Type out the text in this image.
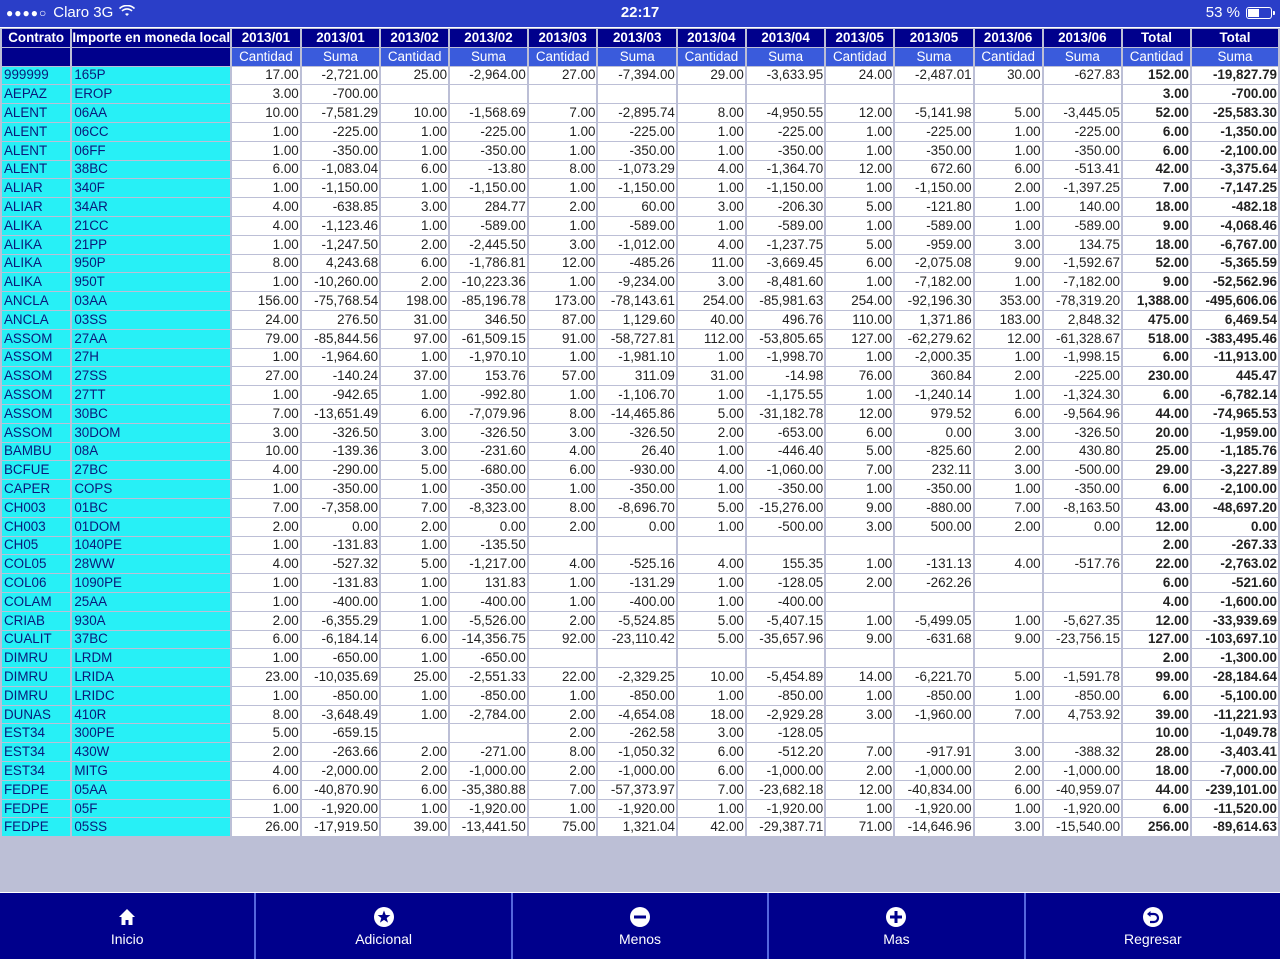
●●●●○ Claro 3G	22:17	53 %
Contrato	Importe en moneda local	2013/01	2013/01	2013/02	2013/02	2013/03	2013/03	2013/04	2013/04	2013/05	2013/05	2013/06	2013/06	Total	Total
		Cantidad	Suma	Cantidad	Suma	Cantidad	Suma	Cantidad	Suma	Cantidad	Suma	Cantidad	Suma	Cantidad	Suma
999999	165P	17.00	-2,721.00	25.00	-2,964.00	27.00	-7,394.00	29.00	-3,633.95	24.00	-2,487.01	30.00	-627.83	152.00	-19,827.79
AEPAZ	EROP	3.00	-700.00											3.00	-700.00
ALENT	06AA	10.00	-7,581.29	10.00	-1,568.69	7.00	-2,895.74	8.00	-4,950.55	12.00	-5,141.98	5.00	-3,445.05	52.00	-25,583.30
ALENT	06CC	1.00	-225.00	1.00	-225.00	1.00	-225.00	1.00	-225.00	1.00	-225.00	1.00	-225.00	6.00	-1,350.00
ALENT	06FF	1.00	-350.00	1.00	-350.00	1.00	-350.00	1.00	-350.00	1.00	-350.00	1.00	-350.00	6.00	-2,100.00
ALENT	38BC	6.00	-1,083.04	6.00	-13.80	8.00	-1,073.29	4.00	-1,364.70	12.00	672.60	6.00	-513.41	42.00	-3,375.64
ALIAR	340F	1.00	-1,150.00	1.00	-1,150.00	1.00	-1,150.00	1.00	-1,150.00	1.00	-1,150.00	2.00	-1,397.25	7.00	-7,147.25
ALIAR	34AR	4.00	-638.85	3.00	284.77	2.00	60.00	3.00	-206.30	5.00	-121.80	1.00	140.00	18.00	-482.18
ALIKA	21CC	4.00	-1,123.46	1.00	-589.00	1.00	-589.00	1.00	-589.00	1.00	-589.00	1.00	-589.00	9.00	-4,068.46
ALIKA	21PP	1.00	-1,247.50	2.00	-2,445.50	3.00	-1,012.00	4.00	-1,237.75	5.00	-959.00	3.00	134.75	18.00	-6,767.00
ALIKA	950P	8.00	4,243.68	6.00	-1,786.81	12.00	-485.26	11.00	-3,669.45	6.00	-2,075.08	9.00	-1,592.67	52.00	-5,365.59
ALIKA	950T	1.00	-10,260.00	2.00	-10,223.36	1.00	-9,234.00	3.00	-8,481.60	1.00	-7,182.00	1.00	-7,182.00	9.00	-52,562.96
ANCLA	03AA	156.00	-75,768.54	198.00	-85,196.78	173.00	-78,143.61	254.00	-85,981.63	254.00	-92,196.30	353.00	-78,319.20	1,388.00	-495,606.06
ANCLA	03SS	24.00	276.50	31.00	346.50	87.00	1,129.60	40.00	496.76	110.00	1,371.86	183.00	2,848.32	475.00	6,469.54
ASSOM	27AA	79.00	-85,844.56	97.00	-61,509.15	91.00	-58,727.81	112.00	-53,805.65	127.00	-62,279.62	12.00	-61,328.67	518.00	-383,495.46
ASSOM	27H	1.00	-1,964.60	1.00	-1,970.10	1.00	-1,981.10	1.00	-1,998.70	1.00	-2,000.35	1.00	-1,998.15	6.00	-11,913.00
ASSOM	27SS	27.00	-140.24	37.00	153.76	57.00	311.09	31.00	-14.98	76.00	360.84	2.00	-225.00	230.00	445.47
ASSOM	27TT	1.00	-942.65	1.00	-992.80	1.00	-1,106.70	1.00	-1,175.55	1.00	-1,240.14	1.00	-1,324.30	6.00	-6,782.14
ASSOM	30BC	7.00	-13,651.49	6.00	-7,079.96	8.00	-14,465.86	5.00	-31,182.78	12.00	979.52	6.00	-9,564.96	44.00	-74,965.53
ASSOM	30DOM	3.00	-326.50	3.00	-326.50	3.00	-326.50	2.00	-653.00	6.00	0.00	3.00	-326.50	20.00	-1,959.00
BAMBU	08A	10.00	-139.36	3.00	-231.60	4.00	26.40	1.00	-446.40	5.00	-825.60	2.00	430.80	25.00	-1,185.76
BCFUE	27BC	4.00	-290.00	5.00	-680.00	6.00	-930.00	4.00	-1,060.00	7.00	232.11	3.00	-500.00	29.00	-3,227.89
CAPER	COPS	1.00	-350.00	1.00	-350.00	1.00	-350.00	1.00	-350.00	1.00	-350.00	1.00	-350.00	6.00	-2,100.00
CH003	01BC	7.00	-7,358.00	7.00	-8,323.00	8.00	-8,696.70	5.00	-15,276.00	9.00	-880.00	7.00	-8,163.50	43.00	-48,697.20
CH003	01DOM	2.00	0.00	2.00	0.00	2.00	0.00	1.00	-500.00	3.00	500.00	2.00	0.00	12.00	0.00
CH05	1040PE	1.00	-131.83	1.00	-135.50									2.00	-267.33
COL05	28WW	4.00	-527.32	5.00	-1,217.00	4.00	-525.16	4.00	155.35	1.00	-131.13	4.00	-517.76	22.00	-2,763.02
COL06	1090PE	1.00	-131.83	1.00	131.83	1.00	-131.29	1.00	-128.05	2.00	-262.26			6.00	-521.60
COLAM	25AA	1.00	-400.00	1.00	-400.00	1.00	-400.00	1.00	-400.00					4.00	-1,600.00
CRIAB	930A	2.00	-6,355.29	1.00	-5,526.00	2.00	-5,524.85	5.00	-5,407.15	1.00	-5,499.05	1.00	-5,627.35	12.00	-33,939.69
CUALIT	37BC	6.00	-6,184.14	6.00	-14,356.75	92.00	-23,110.42	5.00	-35,657.96	9.00	-631.68	9.00	-23,756.15	127.00	-103,697.10
DIMRU	LRDM	1.00	-650.00	1.00	-650.00									2.00	-1,300.00
DIMRU	LRIDA	23.00	-10,035.69	25.00	-2,551.33	22.00	-2,329.25	10.00	-5,454.89	14.00	-6,221.70	5.00	-1,591.78	99.00	-28,184.64
DIMRU	LRIDC	1.00	-850.00	1.00	-850.00	1.00	-850.00	1.00	-850.00	1.00	-850.00	1.00	-850.00	6.00	-5,100.00
DUNAS	410R	8.00	-3,648.49	1.00	-2,784.00	2.00	-4,654.08	18.00	-2,929.28	3.00	-1,960.00	7.00	4,753.92	39.00	-11,221.93
EST34	300PE	5.00	-659.15			2.00	-262.58	3.00	-128.05					10.00	-1,049.78
EST34	430W	2.00	-263.66	2.00	-271.00	8.00	-1,050.32	6.00	-512.20	7.00	-917.91	3.00	-388.32	28.00	-3,403.41
EST34	MITG	4.00	-2,000.00	2.00	-1,000.00	2.00	-1,000.00	6.00	-1,000.00	2.00	-1,000.00	2.00	-1,000.00	18.00	-7,000.00
FEDPE	05AA	6.00	-40,870.90	6.00	-35,380.88	7.00	-57,373.97	7.00	-23,682.18	12.00	-40,834.00	6.00	-40,959.07	44.00	-239,101.00
FEDPE	05F	1.00	-1,920.00	1.00	-1,920.00	1.00	-1,920.00	1.00	-1,920.00	1.00	-1,920.00	1.00	-1,920.00	6.00	-11,520.00
FEDPE	05SS	26.00	-17,919.50	39.00	-13,441.50	75.00	1,321.04	42.00	-29,387.71	71.00	-14,646.96	3.00	-15,540.00	256.00	-89,614.63
Inicio	Adicional	Menos	Mas	Regresar
